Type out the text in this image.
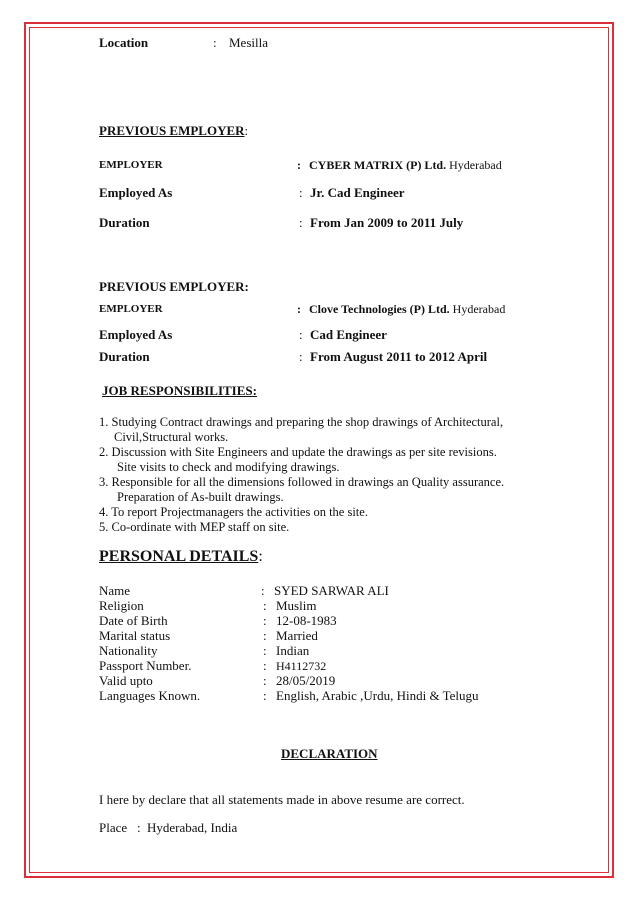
Location	: Mesilla
PREVIOUS EMPLOYER:
EMPLOYER	: CYBER MATRIX (P) Ltd. Hyderabad
Employed As	: Jr. Cad Engineer
Duration	: From Jan 2009 to 2011 July
PREVIOUS EMPLOYER:
EMPLOYER	: Clove Technologies (P) Ltd. Hyderabad
Employed As	: Cad Engineer
Duration	: From August 2011 to 2012 April
JOB RESPONSIBILITIES:
1. Studying Contract drawings and preparing the shop drawings of Architectural,
Civil,Structural works.
2. Discussion with Site Engineers and update the drawings as per site revisions.
Site visits to check and modifying drawings.
3. Responsible for all the dimensions followed in drawings an Quality assurance.
Preparation of As-built drawings.
4. To report Projectmanagers the activities on the site.
5. Co-ordinate with MEP staff on site.
PERSONAL DETAILS:
Name	: SYED SARWAR ALI
Religion	: Muslim
Date of Birth	: 12-08-1983
Marital status	: Married
Nationality	: Indian
Passport Number.	: H4112732
Valid upto	: 28/05/2019
Languages Known.	: English, Arabic ,Urdu, Hindi & Telugu
DECLARATION
I here by declare that all statements made in above resume are correct.
Place : Hyderabad, India
